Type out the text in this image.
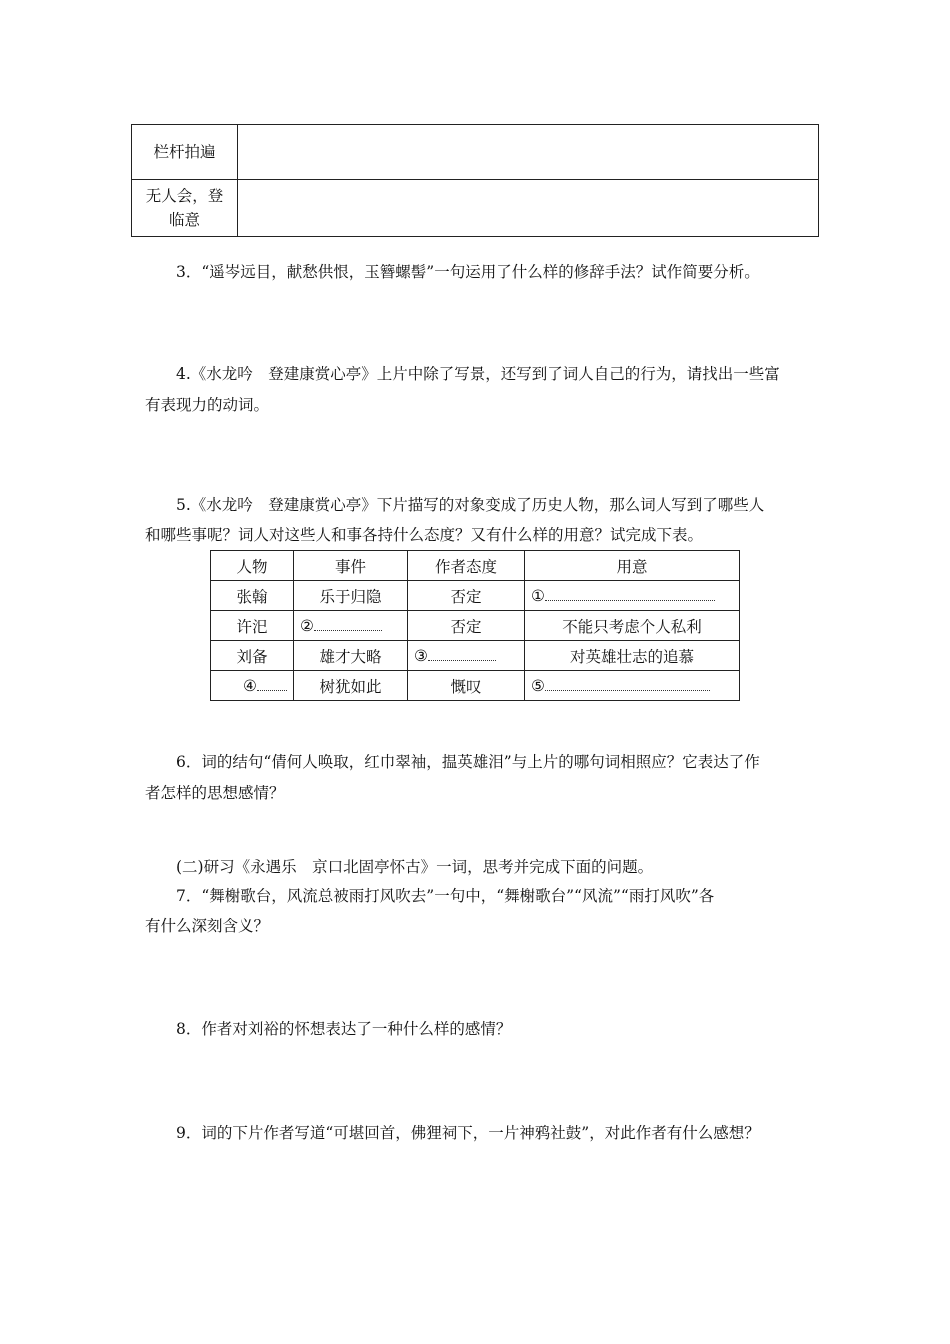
栏杆拍遍	
无人会，登
临意	
3．“遥岑远目，献愁供恨，玉簪螺髻”一句运用了什么样的修辞手法？试作简要分析。
4.《水龙吟　登建康赏心亭》上片中除了写景，还写到了词人自己的行为，请找出一些富
有表现力的动词。
5.《水龙吟　登建康赏心亭》下片描写的对象变成了历史人物，那么词人写到了哪些人
和哪些事呢？词人对这些人和事各持什么态度？又有什么样的用意？试完成下表。
人物	事件	作者态度	用意
张翰	乐于归隐	否定	①
许汜	②	否定	不能只考虑个人私利
刘备	雄才大略	③	对英雄壮志的追慕
④	树犹如此	慨叹	⑤
6．词的结句“倩何人唤取，红巾翠袖，揾英雄泪”与上片的哪句词相照应？它表达了作
者怎样的思想感情？
(二)研习《永遇乐　京口北固亭怀古》一词，思考并完成下面的问题。
7．“舞榭歌台，风流总被雨打风吹去”一句中，“舞榭歌台”“风流”“雨打风吹”各
有什么深刻含义？
8．作者对刘裕的怀想表达了一种什么样的感情？
9．词的下片作者写道“可堪回首，佛狸祠下，一片神鸦社鼓”，对此作者有什么感想？
